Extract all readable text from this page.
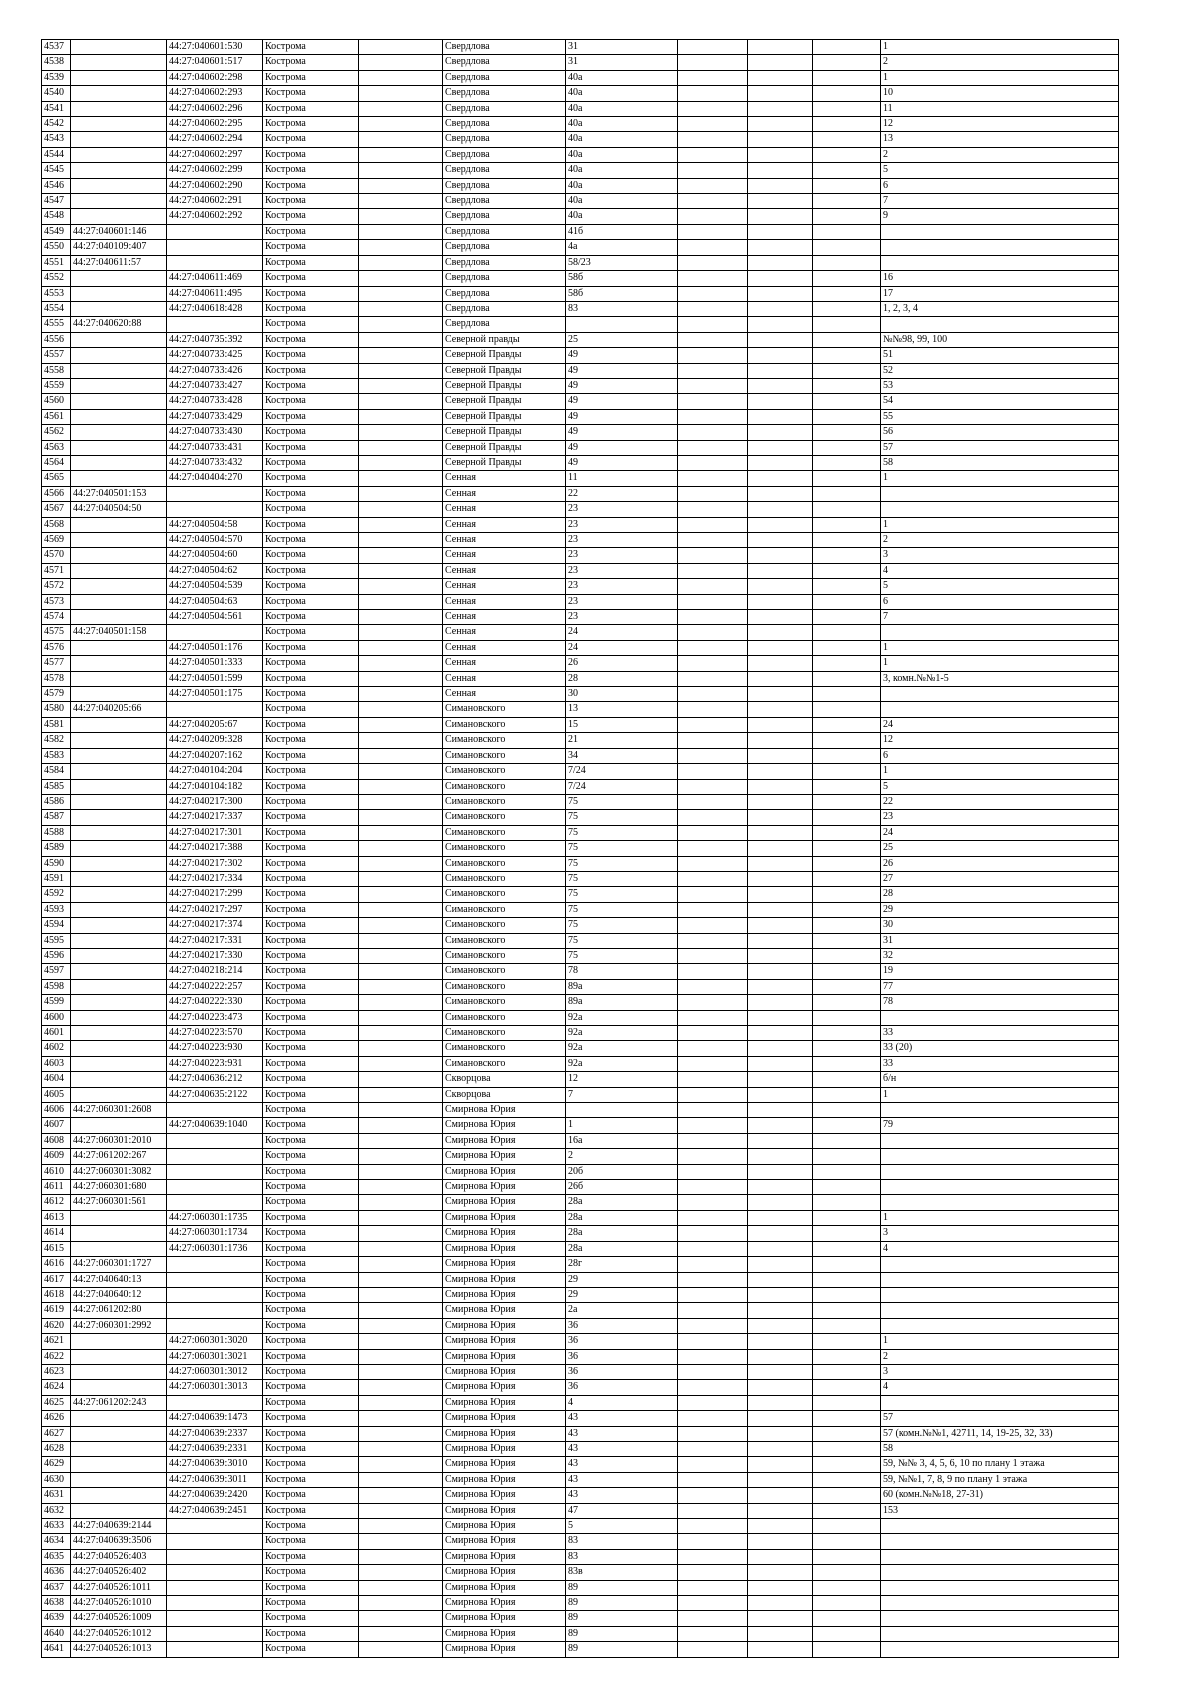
4537		44:27:040601:530	Кострома		Свердлова	31				1
4538		44:27:040601:517	Кострома		Свердлова	31				2
4539		44:27:040602:298	Кострома		Свердлова	40а				1
4540		44:27:040602:293	Кострома		Свердлова	40а				10
4541		44:27:040602:296	Кострома		Свердлова	40а				11
4542		44:27:040602:295	Кострома		Свердлова	40а				12
4543		44:27:040602:294	Кострома		Свердлова	40а				13
4544		44:27:040602:297	Кострома		Свердлова	40а				2
4545		44:27:040602:299	Кострома		Свердлова	40а				5
4546		44:27:040602:290	Кострома		Свердлова	40а				6
4547		44:27:040602:291	Кострома		Свердлова	40а				7
4548		44:27:040602:292	Кострома		Свердлова	40а				9
4549	44:27:040601:146		Кострома		Свердлова	41б				
4550	44:27:040109:407		Кострома		Свердлова	4а				
4551	44:27:040611:57		Кострома		Свердлова	58/23				
4552		44:27:040611:469	Кострома		Свердлова	58б				16
4553		44:27:040611:495	Кострома		Свердлова	58б				17
4554		44:27:040618:428	Кострома		Свердлова	83				1, 2, 3, 4
4555	44:27:040620:88		Кострома		Свердлова					
4556		44:27:040735:392	Кострома		Северной правды	25				№№98, 99, 100
4557		44:27:040733:425	Кострома		Северной Правды	49				51
4558		44:27:040733:426	Кострома		Северной Правды	49				52
4559		44:27:040733:427	Кострома		Северной Правды	49				53
4560		44:27:040733:428	Кострома		Северной Правды	49				54
4561		44:27:040733:429	Кострома		Северной Правды	49				55
4562		44:27:040733:430	Кострома		Северной Правды	49				56
4563		44:27:040733:431	Кострома		Северной Правды	49				57
4564		44:27:040733:432	Кострома		Северной Правды	49				58
4565		44:27:040404:270	Кострома		Сенная	11				1
4566	44:27:040501:153		Кострома		Сенная	22				
4567	44:27:040504:50		Кострома		Сенная	23				
4568		44:27:040504:58	Кострома		Сенная	23				1
4569		44:27:040504:570	Кострома		Сенная	23				2
4570		44:27:040504:60	Кострома		Сенная	23				3
4571		44:27:040504:62	Кострома		Сенная	23				4
4572		44:27:040504:539	Кострома		Сенная	23				5
4573		44:27:040504:63	Кострома		Сенная	23				6
4574		44:27:040504:561	Кострома		Сенная	23				7
4575	44:27:040501:158		Кострома		Сенная	24				
4576		44:27:040501:176	Кострома		Сенная	24				1
4577		44:27:040501:333	Кострома		Сенная	26				1
4578		44:27:040501:599	Кострома		Сенная	28				3, комн.№№1-5
4579		44:27:040501:175	Кострома		Сенная	30				
4580	44:27:040205:66		Кострома		Симановского	13				
4581		44:27:040205:67	Кострома		Симановского	15				24
4582		44:27:040209:328	Кострома		Симановского	21				12
4583		44:27:040207:162	Кострома		Симановского	34				6
4584		44:27:040104:204	Кострома		Симановского	7/24				1
4585		44:27:040104:182	Кострома		Симановского	7/24				5
4586		44:27:040217:300	Кострома		Симановского	75				22
4587		44:27:040217:337	Кострома		Симановского	75				23
4588		44:27:040217:301	Кострома		Симановского	75				24
4589		44:27:040217:388	Кострома		Симановского	75				25
4590		44:27:040217:302	Кострома		Симановского	75				26
4591		44:27:040217:334	Кострома		Симановского	75				27
4592		44:27:040217:299	Кострома		Симановского	75				28
4593		44:27:040217:297	Кострома		Симановского	75				29
4594		44:27:040217:374	Кострома		Симановского	75				30
4595		44:27:040217:331	Кострома		Симановского	75				31
4596		44:27:040217:330	Кострома		Симановского	75				32
4597		44:27:040218:214	Кострома		Симановского	78				19
4598		44:27:040222:257	Кострома		Симановского	89а				77
4599		44:27:040222:330	Кострома		Симановского	89а				78
4600		44:27:040223:473	Кострома		Симановского	92а				
4601		44:27:040223:570	Кострома		Симановского	92а				33
4602		44:27:040223:930	Кострома		Симановского	92а				33 (20)
4603		44:27:040223:931	Кострома		Симановского	92а				33
4604		44:27:040636:212	Кострома		Скворцова	12				б/н
4605		44:27:040635:2122	Кострома		Скворцова	7				1
4606	44:27:060301:2608		Кострома		Смирнова Юрия					
4607		44:27:040639:1040	Кострома		Смирнова Юрия	1				79
4608	44:27:060301:2010		Кострома		Смирнова Юрия	16а				
4609	44:27:061202:267		Кострома		Смирнова Юрия	2				
4610	44:27:060301:3082		Кострома		Смирнова Юрия	20б				
4611	44:27:060301:680		Кострома		Смирнова Юрия	26б				
4612	44:27:060301:561		Кострома		Смирнова Юрия	28а				
4613		44:27:060301:1735	Кострома		Смирнова Юрия	28а				1
4614		44:27:060301:1734	Кострома		Смирнова Юрия	28а				3
4615		44:27:060301:1736	Кострома		Смирнова Юрия	28а				4
4616	44:27:060301:1727		Кострома		Смирнова Юрия	28г				
4617	44:27:040640:13		Кострома		Смирнова Юрия	29				
4618	44:27:040640:12		Кострома		Смирнова Юрия	29				
4619	44:27:061202:80		Кострома		Смирнова Юрия	2а				
4620	44:27:060301:2992		Кострома		Смирнова Юрия	36				
4621		44:27:060301:3020	Кострома		Смирнова Юрия	36				1
4622		44:27:060301:3021	Кострома		Смирнова Юрия	36				2
4623		44:27:060301:3012	Кострома		Смирнова Юрия	36				3
4624		44:27:060301:3013	Кострома		Смирнова Юрия	36				4
4625	44:27:061202:243		Кострома		Смирнова Юрия	4				
4626		44:27:040639:1473	Кострома		Смирнова Юрия	43				57
4627		44:27:040639:2337	Кострома		Смирнова Юрия	43				57 (комн.№№1, 42711, 14, 19-25, 32, 33)
4628		44:27:040639:2331	Кострома		Смирнова Юрия	43				58
4629		44:27:040639:3010	Кострома		Смирнова Юрия	43				59, №№ 3, 4, 5, 6, 10 по плану 1 этажа
4630		44:27:040639:3011	Кострома		Смирнова Юрия	43				59, №№1, 7, 8, 9 по плану 1 этажа
4631		44:27:040639:2420	Кострома		Смирнова Юрия	43				60 (комн.№№18, 27-31)
4632		44:27:040639:2451	Кострома		Смирнова Юрия	47				153
4633	44:27:040639:2144		Кострома		Смирнова Юрия	5				
4634	44:27:040639:3506		Кострома		Смирнова Юрия	83				
4635	44:27:040526:403		Кострома		Смирнова Юрия	83				
4636	44:27:040526:402		Кострома		Смирнова Юрия	83в				
4637	44:27:040526:1011		Кострома		Смирнова Юрия	89				
4638	44:27:040526:1010		Кострома		Смирнова Юрия	89				
4639	44:27:040526:1009		Кострома		Смирнова Юрия	89				
4640	44:27:040526:1012		Кострома		Смирнова Юрия	89				
4641	44:27:040526:1013		Кострома		Смирнова Юрия	89				
